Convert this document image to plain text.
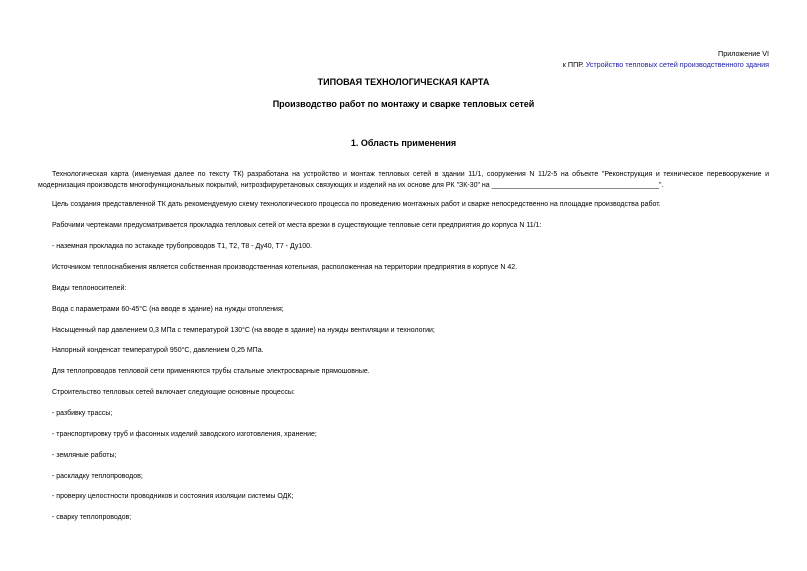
Приложение VI
к ППР. Устройство тепловых сетей производственного здания
ТИПОВАЯ ТЕХНОЛОГИЧЕСКАЯ КАРТА
Производство работ по монтажу и сварке тепловых сетей
1. Область применения
Технологическая карта (именуемая далее по тексту ТК) разработана на устройство и монтаж тепловых сетей в здании 11/1, сооружения N 11/2-5 на объекте "Реконструкция и техническое перевооружение и модернизация производств многофункциональных покрытий, нитрозфируретановых связующих и изделий на их основе для РК "ЗК-30" на ___________________________________________".
Цель создания представленной ТК дать рекомендуемую схему технологического процесса по проведению монтажных работ и сварке непосредственно на площадке производства работ.
Рабочими чертежами предусматривается прокладка тепловых сетей от места врезки в существующие тепловые сети предприятия до корпуса N 11/1:
- наземная прокладка по эстакаде трубопроводов Т1, Т2, Т8 - Ду40, Т7 - Ду100.
Источником теплоснабжения является собственная производственная котельная, расположенная на территории предприятия в корпусе N 42.
Виды теплоносителей:
Вода с параметрами 60-45°С (на вводе в здание) на нужды отопления;
Насыщенный пар давлением 0,3 МПа с температурой 130°С (на вводе в здание) на нужды вентиляции и технологии;
Напорный конденсат температурой 950°С, давлением 0,25 МПа.
Для теплопроводов тепловой сети применяются трубы стальные электросварные прямошовные.
Строительство тепловых сетей включает следующие основные процессы:
- разбивку трассы;
- транспортировку труб и фасонных изделий заводского изготовления, хранение;
- земляные работы;
- раскладку теплопроводов;
- проверку целостности проводников и состояния изоляции системы ОДК;
- сварку теплопроводов;
